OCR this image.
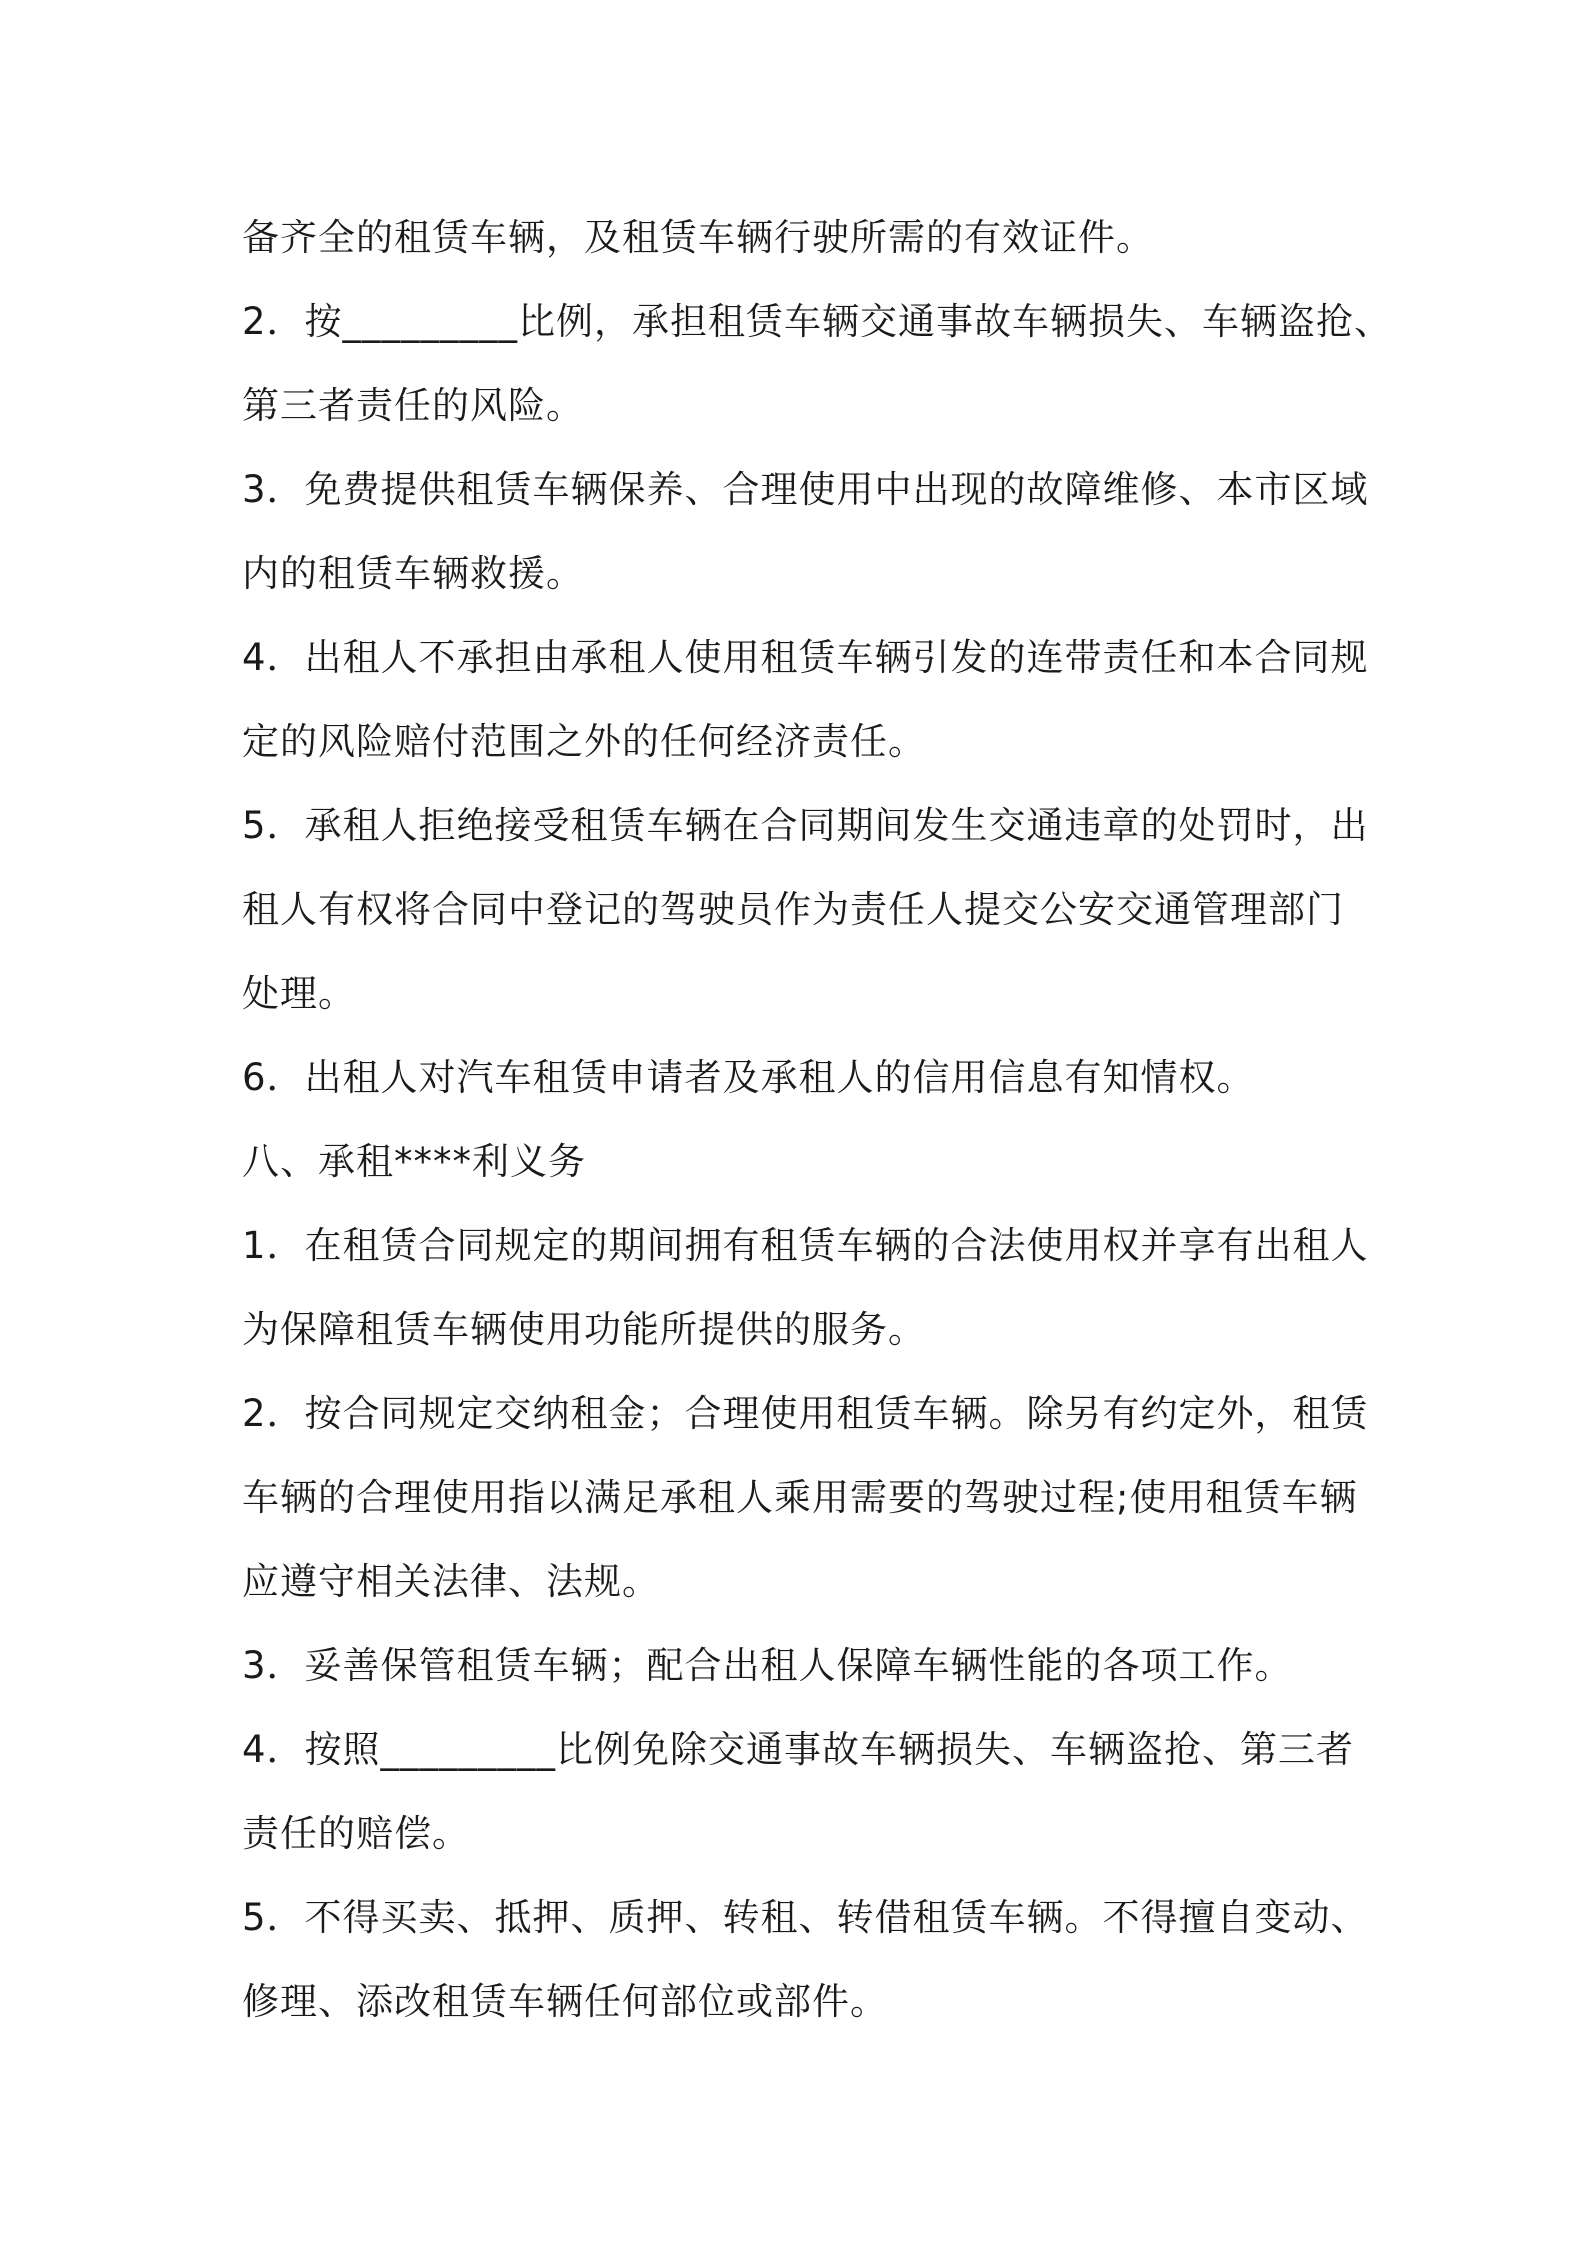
备齐全的租赁车辆，及租赁车辆行驶所需的有效证件。
2．按_________比例，承担租赁车辆交通事故车辆损失、车辆盗抢、
第三者责任的风险。
3．免费提供租赁车辆保养、合理使用中出现的故障维修、本市区域
内的租赁车辆救援。
4．出租人不承担由承租人使用租赁车辆引发的连带责任和本合同规
定的风险赔付范围之外的任何经济责任。
5．承租人拒绝接受租赁车辆在合同期间发生交通违章的处罚时，出
租人有权将合同中登记的驾驶员作为责任人提交公安交通管理部门
处理。
6．出租人对汽车租赁申请者及承租人的信用信息有知情权。
八、承租****利义务
1．在租赁合同规定的期间拥有租赁车辆的合法使用权并享有出租人
为保障租赁车辆使用功能所提供的服务。
2．按合同规定交纳租金；合理使用租赁车辆。除另有约定外，租赁
车辆的合理使用指以满足承租人乘用需要的驾驶过程;使用租赁车辆
应遵守相关法律、法规。
3．妥善保管租赁车辆；配合出租人保障车辆性能的各项工作。
4．按照_________比例免除交通事故车辆损失、车辆盗抢、第三者
责任的赔偿。
5．不得买卖、抵押、质押、转租、转借租赁车辆。不得擅自变动、
修理、添改租赁车辆任何部位或部件。
